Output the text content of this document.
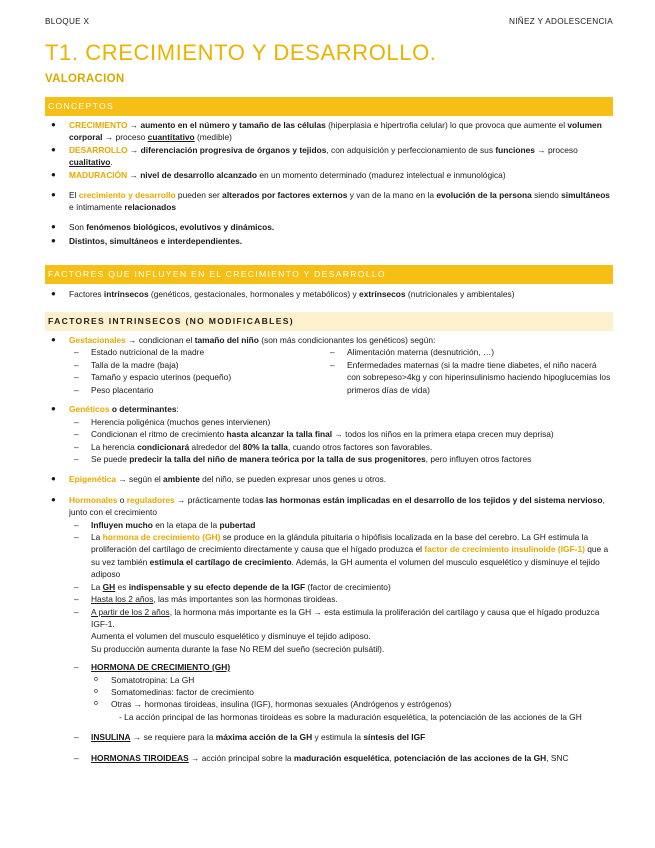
BLOQUE X	NIÑEZ Y ADOLESCENCIA
T1. CRECIMIENTO Y DESARROLLO.
VALORACION
CONCEPTOS
● CRECIMIENTO → aumento en el número y tamaño de las células (hiperplasia e hipertrofia celular) lo que provoca que aumente el volumen corporal → proceso cuantitativo (medible)
● DESARROLLO → diferenciación progresiva de órganos y tejidos, con adquisición y perfeccionamiento de sus funciones → proceso cualitativo.
● MADURACIÓN → nivel de desarrollo alcanzado en un momento determinado (madurez intelectual e inmunológica)
● El crecimiento y desarrollo pueden ser alterados por factores externos y van de la mano en la evolución de la persona siendo simultáneos e íntimamente relacionados
● Son fenómenos biológicos, evolutivos y dinámicos.
● Distintos, simultáneos e interdependientes.
FACTORES QUE INFLUYEN EN EL CRECIMIENTO Y DESARROLLO
● Factores intrínsecos (genéticos, gestacionales, hormonales y metabólicos) y extrínsecos (nutricionales y ambientales)
FACTORES INTRINSECOS (NO MODIFICABLES)
● Gestacionales → condicionan el tamaño del niño (son más condicionantes los genéticos) según:
– Estado nutricional de la madre
– Talla de la madre (baja)
– Tamaño y espacio uterinos (pequeño)
– Peso placentario
– Alimentación materna (desnutrición, …)
– Enfermedades maternas (si la madre tiene diabetes, el niño nacerá con sobrepeso>4kg y con hiperinsulinismo haciendo hipoglucemias los primeros días de vida)
● Genéticos o determinantes:
– Herencia poligénica (muchos genes intervienen)
– Condicionan el ritmo de crecimiento hasta alcanzar la talla final → todos los niños en la primera etapa crecen muy deprisa)
– La herencia condicionará alrededor del 80% la talla, cuando otros factores son favorables.
– Se puede predecir la talla del niño de manera teórica por la talla de sus progenitores, pero influyen otros factores
● Epigenética → según el ambiente del niño, se pueden expresar unos genes u otros.
● Hormonales o reguladores → prácticamente todas las hormonas están implicadas en el desarrollo de los tejidos y del sistema nervioso, junto con el crecimiento
– Influyen mucho en la etapa de la pubertad
– La hormona de crecimiento (GH) se produce en la glándula pituitaria o hipófisis localizada en la base del cerebro. La GH estimula la proliferación del cartílago de crecimiento directamente y causa que el hígado produzca el factor de crecimiento insulinoide (IGF-1) que a su vez también estimula el cartílago de crecimiento. Además, la GH aumenta el volumen del musculo esquelético y disminuye el tejido adiposo
– La GH es indispensable y su efecto depende de la IGF (factor de crecimiento)
– Hasta los 2 años, las más importantes son las hormonas tiroideas.
– A partir de los 2 años, la hormona más importante es la GH → esta estimula la proliferación del cartílago y causa que el hígado produzca IGF-1.
Aumenta el volumen del musculo esquelético y disminuye el tejido adiposo.
Su producción aumenta durante la fase No REM del sueño (secreción pulsátil).
– HORMONA DE CRECIMIENTO (GH)
o Somatotropina: La GH
o Somatomedinas: factor de crecimiento
o Otras → hormonas tiroideas, insulina (IGF), hormonas sexuales (Andrógenos y estrógenos)
- La acción principal de las hormonas tiroideas es sobre la maduración esquelética, la potenciación de las acciones de la GH
– INSULINA → se requiere para la máxima acción de la GH y estimula la síntesis del IGF
– HORMONAS TIROIDEAS → acción principal sobre la maduración esquelética, potenciación de las acciones de la GH, SNC
